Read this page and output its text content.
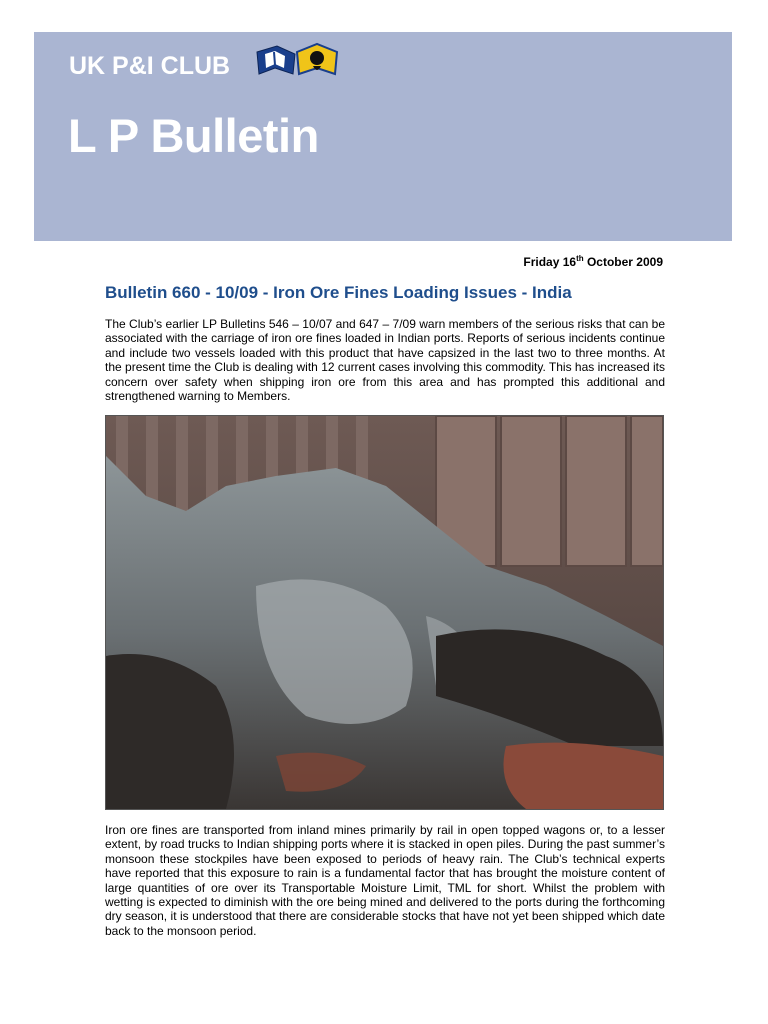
UK P&I CLUB
L P Bulletin
Friday 16th October 2009
Bulletin 660 - 10/09 - Iron Ore Fines Loading Issues - India
The Club’s earlier LP Bulletins 546 – 10/07 and 647 – 7/09 warn members of the serious risks that can be associated with the carriage of iron ore fines loaded in Indian ports. Reports of serious incidents continue and include two vessels loaded with this product that have capsized in the last two to three months. At the present time the Club is dealing with 12 current cases involving this commodity. This has increased its concern over safety when shipping iron ore from this area and has prompted this additional and strengthened warning to Members.
Iron ore fines are transported from inland mines primarily by rail in open topped wagons or, to a lesser extent, by road trucks to Indian shipping ports where it is stacked in open piles. During the past summer’s monsoon these stockpiles have been exposed to periods of heavy rain. The Club’s technical experts have reported that this exposure to rain is a fundamental factor that has brought the moisture content of large quantities of ore over its Transportable Moisture Limit, TML for short. Whilst the problem with wetting is expected to diminish with the ore being mined and delivered to the ports during the forthcoming dry season, it is understood that there are considerable stocks that have not yet been shipped which date back to the monsoon period.
